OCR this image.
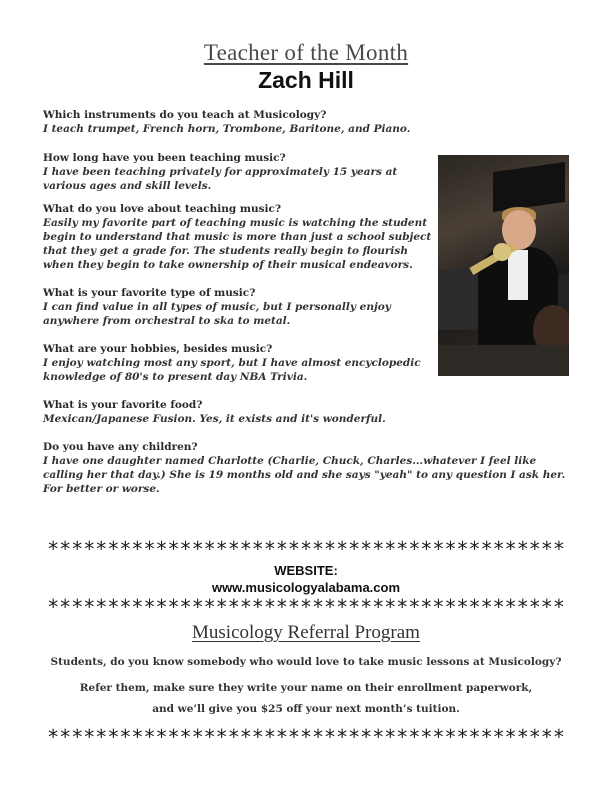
Teacher of the Month
Zach Hill
Which instruments do you teach at Musicology?
I teach trumpet, French horn, Trombone, Baritone, and Piano.
How long have you been teaching music?
I have been teaching privately for approximately 15 years at various ages and skill levels.
What do you love about teaching music?
Easily my favorite part of teaching music is watching the student begin to understand that music is more than just a school subject that they get a grade for. The students really begin to flourish when they begin to take ownership of their musical endeavors.
What is your favorite type of music?
I can find value in all types of music, but I personally enjoy anywhere from orchestral to ska to metal.
What are your hobbies, besides music?
I enjoy watching most any sport, but I have almost encyclopedic knowledge of 80's to present day NBA Trivia.
What is your favorite food?
Mexican/Japanese Fusion. Yes, it exists and it's wonderful.
Do you have any children?
I have one daughter named Charlotte (Charlie, Chuck, Charles...whatever I feel like calling her that day.) She is 19 months old and she says "yeah" to any question I ask her. For better or worse.
*******************************************
WEBSITE:
www.musicologyalabama.com
*******************************************
Musicology Referral Program
Students, do you know somebody who would love to take music lessons at Musicology?
Refer them, make sure they write your name on their enrollment paperwork,
and we’ll give you $25 off your next month’s tuition.
*******************************************
